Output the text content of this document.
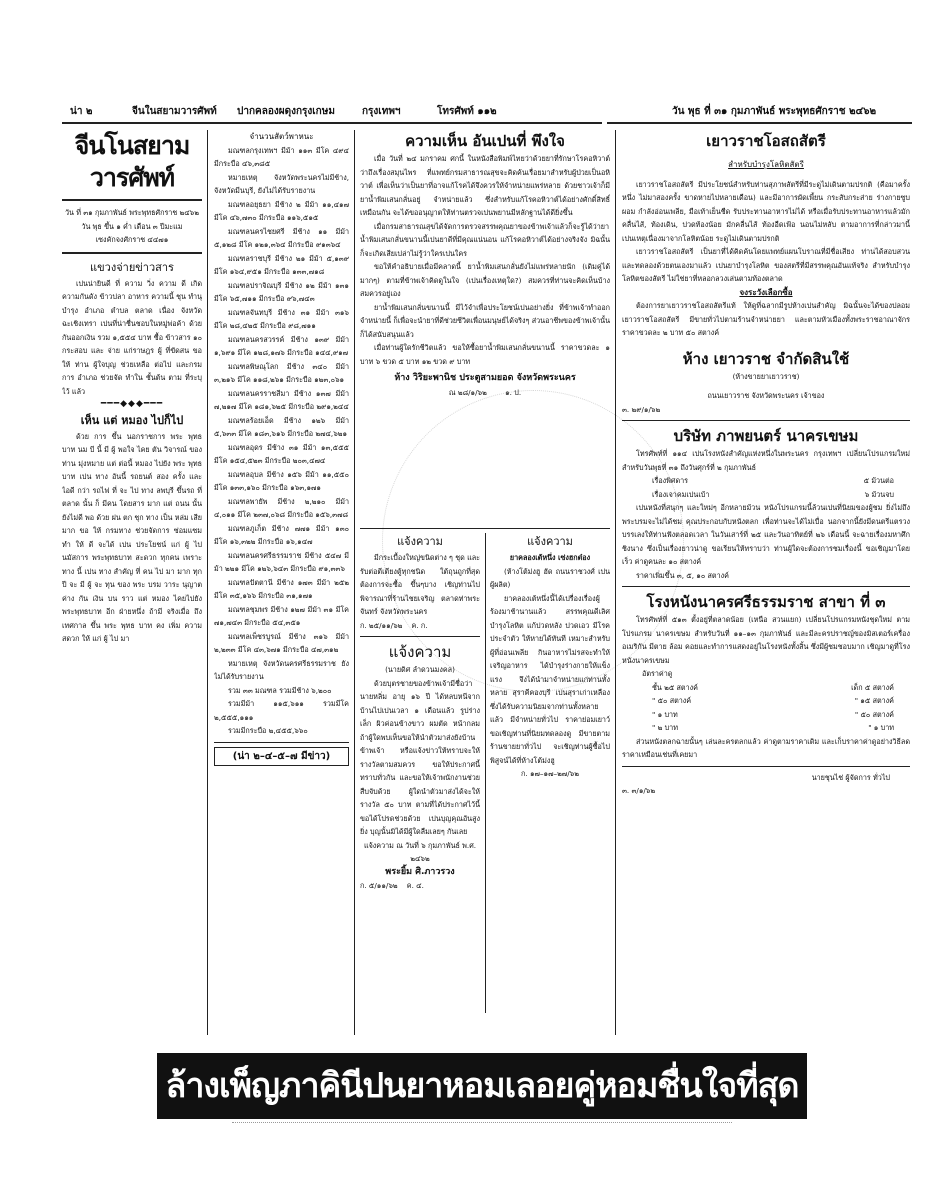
น่า ๒	จีนในสยามวารศัพท์ ปากคลองผดุงกรุงเกษม	กรุงเทพฯ	โทรศัพท์ ๑๑๒	วัน พุธ ที่ ๓๑ กุมภาพันธ์ พระพุทธศักราช ๒๔๖๒
จีนโนสยามวารศัพท์
วัน ที่ ๓๑ กุมภาพันธ์ พระพุทธศักราช ๒๔๖๒
วัน พุธ ขึ้น ๑ ค่ำ เดือน ๓ ปีมะแม
เซงคักจงศักราช ๔๔๗๑
แขวงจ่ายข่าวสาร

เปนน่ายินดี ที่ ความ วิ่ง ความ ดี เกิด ความกันดัง ข้าวปลา อาหาร ความนี้ ชุน ทำนุ บำรุง อำเภอ ตำบล ตลาด เนื่อง จังหวัด ฉะเชิงเทรา เปนที่น่าชื่นชอบในหมู่พ่อค้า ด้วย กันออกเงิน รวม ๑,๕๕๔ บาท ซื้อ ข้าวสาร ๑๐ กระสอบ และ จ่าย แก่ราษฎร ผู้ ที่ขัดสน ขอ ให้ ท่าน ผู้ใจบุญ ช่วยเหลือ ต่อไป และกรมการ อำเภอ ช่วยจัด ทำใน ชั้นต้น ตาม ที่ระบุไว้ แล้ว

━━━◆◆◆━━━
เห็น แต่ หมอง ไปก็ไป

ด้วย การ ขึ้น นอกราชการ พระ พุทธ บาท นม บี นี้ มี ผู้ พอใจ ไคย ตัน วิจารณ์ ของ ท่าน มุ่งหมาย แต่ ต่อนี้ หมอง ไปยัง พระ พุทธ บาท เปน ทาง อันนี้ รถยนต์ สอง ครั้ง และ ไอดี กว่า รถไฟ ที่ จะ ไป ทาง ลพบุรี ขึ้นรถ ที่ ตลาด นั้น ก็ มีคน โดยสาร มาก แต่ ถนน นั้น ยังไม่ดี พอ ด้วย ฝน ตก ชุก ทาง เป็น หล่ม เสีย มาก ขอ ให้ กรมทาง ช่วยจัดการ ซ่อมแซม ทำ ให้ ดี จะได้ เปน ประโยชน์ แก่ ผู้ ไป นมัสการ พระพุทธบาท สะดวก ทุกคน เพราะ ทาง นี้ เปน ทาง สำคัญ ที่ คน ไป มา มาก ทุก ปี จะ มี ผู้ จะ ทุน ของ พระ บรม วาระ นุญาต ค่าง กัน เงิน บน ราว แต่ หมอง ไคยไปยัง พระพุทธบาท อีก ฝ่ายหนึ่ง ถ้ามี จริงเมื่อ ถึง เทศกาล ขึ้น พระ พุทธ บาท คง เพิ่ม ความ สดวก ให้ แก่ ผู้ ไป มา

จำนวนสัตว์พาหนะ

มณฑลกรุงเทพฯ มีม้า ๑๑๓ มีโค ๔๙๔ มีกระบือ ๔๖,๓๘๕

หมายเหตุ จังหวัดพระนครไม่มีช้าง, จังหวัดมีนบุรี, ยังไม่ได้รับรายงาน

มณฑลอยุธยา มีช้าง ๒ มีม้า ๑๑,๔๑๗ มีโค ๔๖,๗๓๐ มีกระบือ ๑๑๖,๕๑๕

มณฑลนครไชยศรี มีช้าง ๑๑ มีม้า ๕,๑๒๘ มีโค ๑๒๑,๓๖๔ มีกระบือ ๙๑๓๖๔

มณฑลราชบุรี มีช้าง ๒๑ มีม้า ๕,๑๓๙ มีโค ๑๖๔,๙๕๑ มีกระบือ ๑๓๓,๗๑๘

มณฑลปราจิณบุรี มีช้าง ๑๒ มีม้า ๑๓๑ มีโค ๖๕,๗๑๑ มีกระบือ ๙๖,๗๔๓

มณฑลจันทบุรี มีช้าง ๓๑ มีม้า ๓๑๖ มีโค ๒๘,๔๒๕ มีกระบือ ๙๘,๗๑๑

มณฑลนครสวรรค์ มีช้าง ๑๓๙ มีม้า ๑,๖๙๑ มีโค ๑๒๘,๑๗๖ มีกระบือ ๑๔๔,๙๑๗

มณฑลพิษณุโลก มีช้าง ๓๔๐ มีม้า ๓,๒๑๖ มีโค ๑๑๘,๒๖๑ มีกระบือ ๑๒๓,๐๖๑

มณฑลนครราชสีมา มีช้าง ๑๓๗ มีม้า ๗,๒๑๗ มีโค ๑๘๑,๖๒๕ มีกระบือ ๒๙๑,๒๔๔

มณฑลร้อยเอ็ด มีช้าง ๑๒๖ มีม้า ๕,๖๓๓ มีโค ๑๘๓,๖๑๖ มีกระบือ ๒๗๔,๖๒๑

มณฑลอุดร มีช้าง ๓๑ มีม้า ๑๓,๕๕๕ มีโค ๑๕๔,๕๒๓ มีกระบือ ๒๐๓,๔๗๔

มณฑลอุบล มีช้าง ๑๕๖ มีม้า ๑๑,๕๕๐ มีโค ๑๓๓,๑๖๐ มีกระบือ ๑๖๓,๑๗๑

มณฑลพายัพ มีช้าง ๒,๒๑๐ มีม้า ๔,๐๑๑ มีโค ๒๓๗,๐๖๘ มีกระบือ ๑๕๖,๓๗๘

มณฑลภูเก็ต มีช้าง ๗๗๑ มีม้า ๑๓๐ มีโค ๑๖,๓๒๒ มีกระบือ ๑๖,๑๔๗

มณฑลนครศรีธรรมราช มีช้าง ๕๔๗ มีม้า ๒๒๑ มีโค ๑๒๖,๖๔๓ มีกระบือ ๙๑,๓๓๖

มณฑลปัตตานี มีช้าง ๑๗๓ มีม้า ๒๕๒ มีโค ๓๕,๑๖๖ มีกระบือ ๓๑,๑๗๑

มณฑลชุมพร มีช้าง ๑๒๗ มีม้า ๓๑ มีโค ๗๑,๗๔๓ มีกระบือ ๕๔,๓๕๑

มณฑลเพ็ชรบูรณ์ มีช้าง ๓๑๖ มีม้า ๒,๒๓๓ มีโค ๔๓,๖๗๑ มีกระบือ ๔๗,๓๑๒

หมายเหตุ จังหวัดนครศรีธรรมราช ยังไม่ได้รับรายงาน

รวม ๓๓ มณฑล รวมมีช้าง ๖,๒๐๐

รวมมีม้า ๑๑๕,๖๑๑ รวมมีโค ๒,๕๕๕,๑๑๑

รวมมีกระบือ ๒,๔๕๕,๖๖๐

(น่า ๒–๔–๕–๗ มีข่าว)
ความเห็น อันเปนที่ พึงใจ

เมื่อ วันที่ ๒๔ มกราคม ศกนี้ ในหนังสือพิมพ์ไทยว่าด้วยยาที่รักษาโรคอหิวาต์ ว่าถึงเรื่องสมุนไพร ที่แพทย์กรมสาธารณสุขจะคิดค้นเรื่อยมาสำหรับผู้ป่วยเป็นอหิวาต์ เพื่อเห็นว่าเป็นยาที่อาจแก้โรคได้จึงควรให้จำหน่ายแพร่หลาย ด้วยชาวเจ้าก็มียาน้ำพิมเสนกลั่นอยู่ จำหน่ายแล้ว ซึ่งสำหรับแก้โรคอหิวาต์ได้อย่างศักดิ์สิทธิ์เหมือนกัน จะได้ขออนุญาตให้ท่านตรวจเปนพยานมีหลักฐานได้ดียิ่งขึ้น

เมื่อกรมสาธารณสุขได้จัดการตรวจสรรพคุณยาของข้าพเจ้าแล้วก็จะรู้ได้ว่ายาน้ำพิมเสนกลั่นขนานนี้เปนยาดีที่มีคุณแน่นอน แก้โรคอหิวาต์ได้อย่างจริงจัง มิฉนั้นก็จะเกิดเสียเปล่าไม่รู้ว่าใครเปนใคร

ขอให้คำอธิบายเมื่อมีคลาดนี้ ยาน้ำพิมเสนกลั่นยังไม่แพร่หลายนัก (เดิมคู่ได้มากๆ) ตามที่ข้าพเจ้าคิดดูในใจ (เปนเรื่องเหตุใด?) สมควรที่ท่านจะคิดเห็นบ้างสมควรอยู่เอง

ยาน้ำพิมเสนกลั่นขนานนี้ มีไว้จำเพื่อประโยชน์เปนอย่างยิ่ง ที่ข้าพเจ้าทำออกจำหน่ายนี้ ก็เพื่อจะนำยาที่ดีช่วยชีวิตเพื่อนมนุษย์ได้จริงๆ ส่วนอาชีพของข้าพเจ้านั้นก็ได้สนับสนุนแล้ว

เมื่อท่านผู้ใดรักชีวิตแล้ว ขอให้ซื้อยาน้ำพิมเสนกลั่นขนานนี้ ราคาขวดละ ๑ บาท ๖ ขวด ๕ บาท ๑๒ ขวด ๙ บาท

ห้าง วิริยะพานิช ประตูสามยอด จังหวัดพระนคร
ณ ๒๘/๑/๖๒	๑. ป.
แจ้งความ

มีกระเบื้องใหญ่ขนิดต่าง ๆ ชุด และ รับต่อตีเตียงตู้ทุกชนิด ใต้ถุนถูกที่สุด ต้องการจะซื้อ ขึ้นๆบาง เชิญท่านไปพิจารณาที่ร้านไชยเจริญ ตลาดท่าพระจันทร์ จังหวัดพระนคร

ก. ๒๕/๑๑/๖๒ ค. ก.
แจ้งความ
(นายดิศ ลำดวนมงคล)

ด้วยบุตรชายของข้าพเจ้ามีชื่อว่านายหลิ่ม อายุ ๑๖ ปี ได้หลบหนีจากบ้านไปเปนเวลา ๑ เดือนแล้ว รูปร่างเล็ก ผิวค่อนข้างขาว ผมตัด หน้ากลม ถ้าผู้ใดพบเห็นขอให้นำตัวมาส่งยังบ้านข้าพเจ้า หรือแจ้งข่าวให้ทราบจะให้รางวัลตามสมควร ขอให้ประกาศนี้ทราบทั่วกัน และขอให้เจ้าพนักงานช่วยสืบจับด้วย ผู้ใดนำตัวมาส่งได้จะให้รางวัล ๕๐ บาท ตามที่ได้ประกาศไว้นี้ ขอได้โปรดช่วยด้วย เปนบุญคุณอันสูงยิ่ง บุญนั้นมิได้มีผู้ใดลืมเลยๆ กันเลย

แจ้งความ ณ วันที่ ๖ กุมภาพันธ์ พ.ศ. ๒๔๖๒
พระยิ้ม ศิ.ภาวรวง
ก. ๕/๑๑/๖๒ ค. ๔.
แจ้งความ
ยาคลองเต้หนึ่ง เซ่งฮกต๋อง

(ห้างโต้ม่งฮู ฮัด ถนนราชวงศ์ เปนผู้ผลิต)

ยาคลองเต้หนึ่งนี้ได้เปรื่องเรื่องผู้ร้องมาช้านานแล้ว สรรพคุณดีเลิศ บำรุงโลหิต แก้ปวดหลัง ปวดเอว มีโรคประจำตัว ให้หายได้ทันที เหมาะสำหรับผู้ที่อ่อนเพลีย กินอาหารไม่รสจะทำให้เจริญอาหาร ได้บำรุงร่างกายให้แข็งแรง จึงได้นำมาจำหน่ายแก่ท่านทั้งหลาย สุราคีคองบุรี เปนสุราเก่าเหลือง ซึ่งได้รับความนิยมจากท่านทั้งหลายแล้ว มีจำหน่ายทั่วไป ราคาย่อมเยาว์ ขอเชิญท่านที่นิยมทดลองดู มีขายตามร้านขายยาทั่วไป จะเชิญท่านผู้ซื้อไปพิสูจน์ได้ที่ห้างโต้ม่งฮู

ก. ๑๗–๑๗–๒๗/๖๒
เยาวราชโอสถสัตรี
สำหรับบำรุงโลหิตสัตรี

เยาวราชโอสถสัตรี มีประโยชน์สำหรับท่านสุภาพสัตรีที่มีระดูไม่เดินตามปรกติ (คือมาครั้งหนึ่ง ไม่มาสองครั้ง ขาดหายไปหลายเดือน) และมีอาการผัดเพี้ยน กระสับกระส่าย ร่างกายซูบผอม กำลังอ่อนเพลีย, มือเท้าเย็นชืด รับประทานอาหารไม่ได้ หรือเมื่อรับประทานอาหารแล้วมักคลื่นไส้, ท้องเดิน, ปวดท้องน้อย มักคลื่นไส้ ท้องอืดเฟ้อ นอนไม่หลับ ตามอาการที่กล่าวมานี้ เปนเหตุเนื่องมาจากโลหิตน้อย ระดูไม่เดินตามปรกติ

เยาวราชโอสถสัตรี เป็นยาที่ได้คิดค้นโดยแพทย์แผนโบราณที่มีชื่อเสียง ท่านได้สอบสวนและทดลองด้วยตนเองมาแล้ว เปนยาบำรุงโลหิต ของสตรีที่มีสรรพคุณอันแท้จริง สำหรับบำรุงโลหิตของสัตรี ไม่ใช่ยาที่หลอกลวงเล่นตามท้องตลาด

จงระวังเลือกซื้อ

ต้องการยาเยาวราชโอสถสัตรีแท้ ให้ดูที่ฉลากมีรูปห้างเปนสำคัญ มิฉนั้นจะได้ของปลอม เยาวราชโอสถสัตรี มีขายทั่วไปตามร้านจำหน่ายยา และตามหัวเมืองทั้งพระราชอาณาจักร ราคาขวดละ ๒ บาท ๕๐ สตางค์

ห้าง เยาวราช จำกัดสินใช้
(ห้างขายยาเยาวราช)
ถนนเยาวราช จังหวัดพระนคร เจ้าของ
๓. ๒๙/๑/๖๒
บริษัท ภาพยนตร์ นาครเขษม

โทรศัพท์ที่ ๑๑๔ เปนโรงหนังสำคัญแห่งหนึ่งในพระนคร กรุงเทพฯ เปลี่ยนโปรแกรมใหม่ สำหรับวันพุธที่ ๓๑ ถึงวันศุกร์ที่ ๒ กุมภาพันธ์

เรื่องพิศดาร	๕ ม้วนต่อ
เรื่องเจาคมเปนเบ้า	๖ ม้วนจบ

เปนหนังที่สนุกๆ และใหม่ๆ อีกหลายม้วน หนังโปรแกรมนี้ล้วนเปนที่นิยมของผู้ชม ยิ่งไม่ถึงพระบรมจะไม่ได้ชม คุณประกอบกับหนังตลก เพื่อท่านจะได้ไม่เบื่อ นอกจากนี้ยังมีดนตรีแตรวงบรรเลงให้ท่านฟังตลอดเวลา ในวันเสาร์ที่ ๒๕ และวันอาทิตย์ที่ ๒๖ เดือนนี้ จะฉายเรื่องมหาศึกชิงนาง ซึ่งเป็นเรื่องยาวน่าดู ขอเรียนให้ทราบว่า ท่านผู้ใดจะต้องการชมเรื่องนี้ ขอเชิญมาโดยเร็ว ค่าดูคนละ ๑๐ สตางค์

ราคาเพิ่มขึ้น ๓, ๕, ๑๐ สตางค์

โรงหนังนาครศรีธรรมราช สาขา ที่ ๓

โทรศัพท์ที่ ๕๑๓ ตั้งอยู่ที่ตลาดน้อย (เหนือ สวนแยก) เปลี่ยนโปรแกรมหนังชุดใหม่ ตามโปรแกรม นาครเขษม สำหรับวันที่ ๑๑–๑๓ กุมภาพันธ์ และมีละครปราชญ์ของมิสเตอร์เครื่องอเมริกัน มีตาย ล้อม คอยและทำการแสดงอยู่ในโรงหนังทั้งสิ้น ซึ่งมีผู้ชมชอบมาก เชิญมาดูที่โรงหนังนาครเขษม

อัตราค่าดู
ชั้น ๒๕ สตางค์	เด็ก ๕ สตางค์
" ๕๐ สตางค์	" ๑๕ สตางค์
" ๑ บาท	" ๕๐ สตางค์
" ๒ บาท	" ๑ บาท

ส่วนหนังตลกฉายนั้นๆ เล่นละครตลกแล้ว ค่าดูตามราคาเดิม และเก็บราคาค่าดูอย่างวิธีลดราคาเหมือนเช่นที่เคยมา

นายชุนไช่ ผู้จัดการ ทั่วไป
๓. ๓/๑/๖๒
ล้างเพ็ญภาคินีปนยาหอมเลอยคู่หอมชื่นใจที่สุด
